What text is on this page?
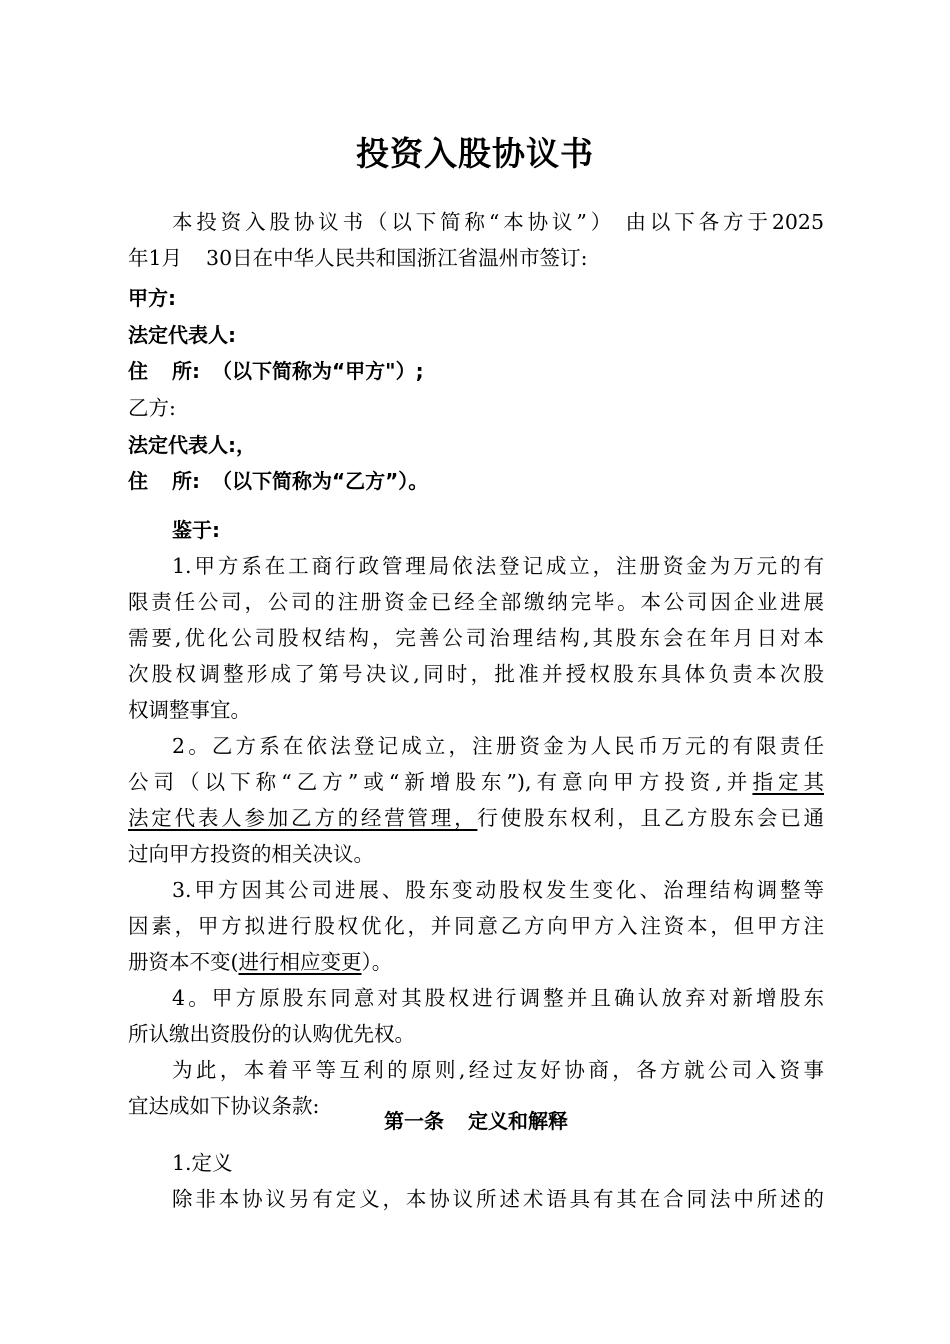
投资入股协议书
本投资入股协议书（以下简称“本协议”） 由以下各方于2025
年1月 30日在中华人民共和国浙江省温州市签订:
甲方:
法定代表人:
住 所: （以下简称为“甲方"）;
乙方:
法定代表人:，
住 所: （以下简称为“乙方”）。
鉴于:
1.甲方系在工商行政管理局依法登记成立，注册资金为万元的有
限责任公司，公司的注册资金已经全部缴纳完毕。本公司因企业进展
需要,优化公司股权结构，完善公司治理结构,其股东会在年月日对本
次股权调整形成了第号决议,同时，批准并授权股东具体负责本次股
权调整事宜。
2。乙方系在依法登记成立，注册资金为人民币万元的有限责任
公司（以下称“乙方”或“新增股东”),有意向甲方投资,并指定其
法定代表人参加乙方的经营管理，行使股东权利，且乙方股东会已通
过向甲方投资的相关决议。
3.甲方因其公司进展、股东变动股权发生变化、治理结构调整等
因素，甲方拟进行股权优化，并同意乙方向甲方入注资本，但甲方注
册资本不变(进行相应变更）。
4。甲方原股东同意对其股权进行调整并且确认放弃对新增股东
所认缴出资股份的认购优先权。
为此，本着平等互利的原则,经过友好协商，各方就公司入资事
宜达成如下协议条款:
第一条 定义和解释
1.定义
除非本协议另有定义，本协议所述术语具有其在合同法中所述的
